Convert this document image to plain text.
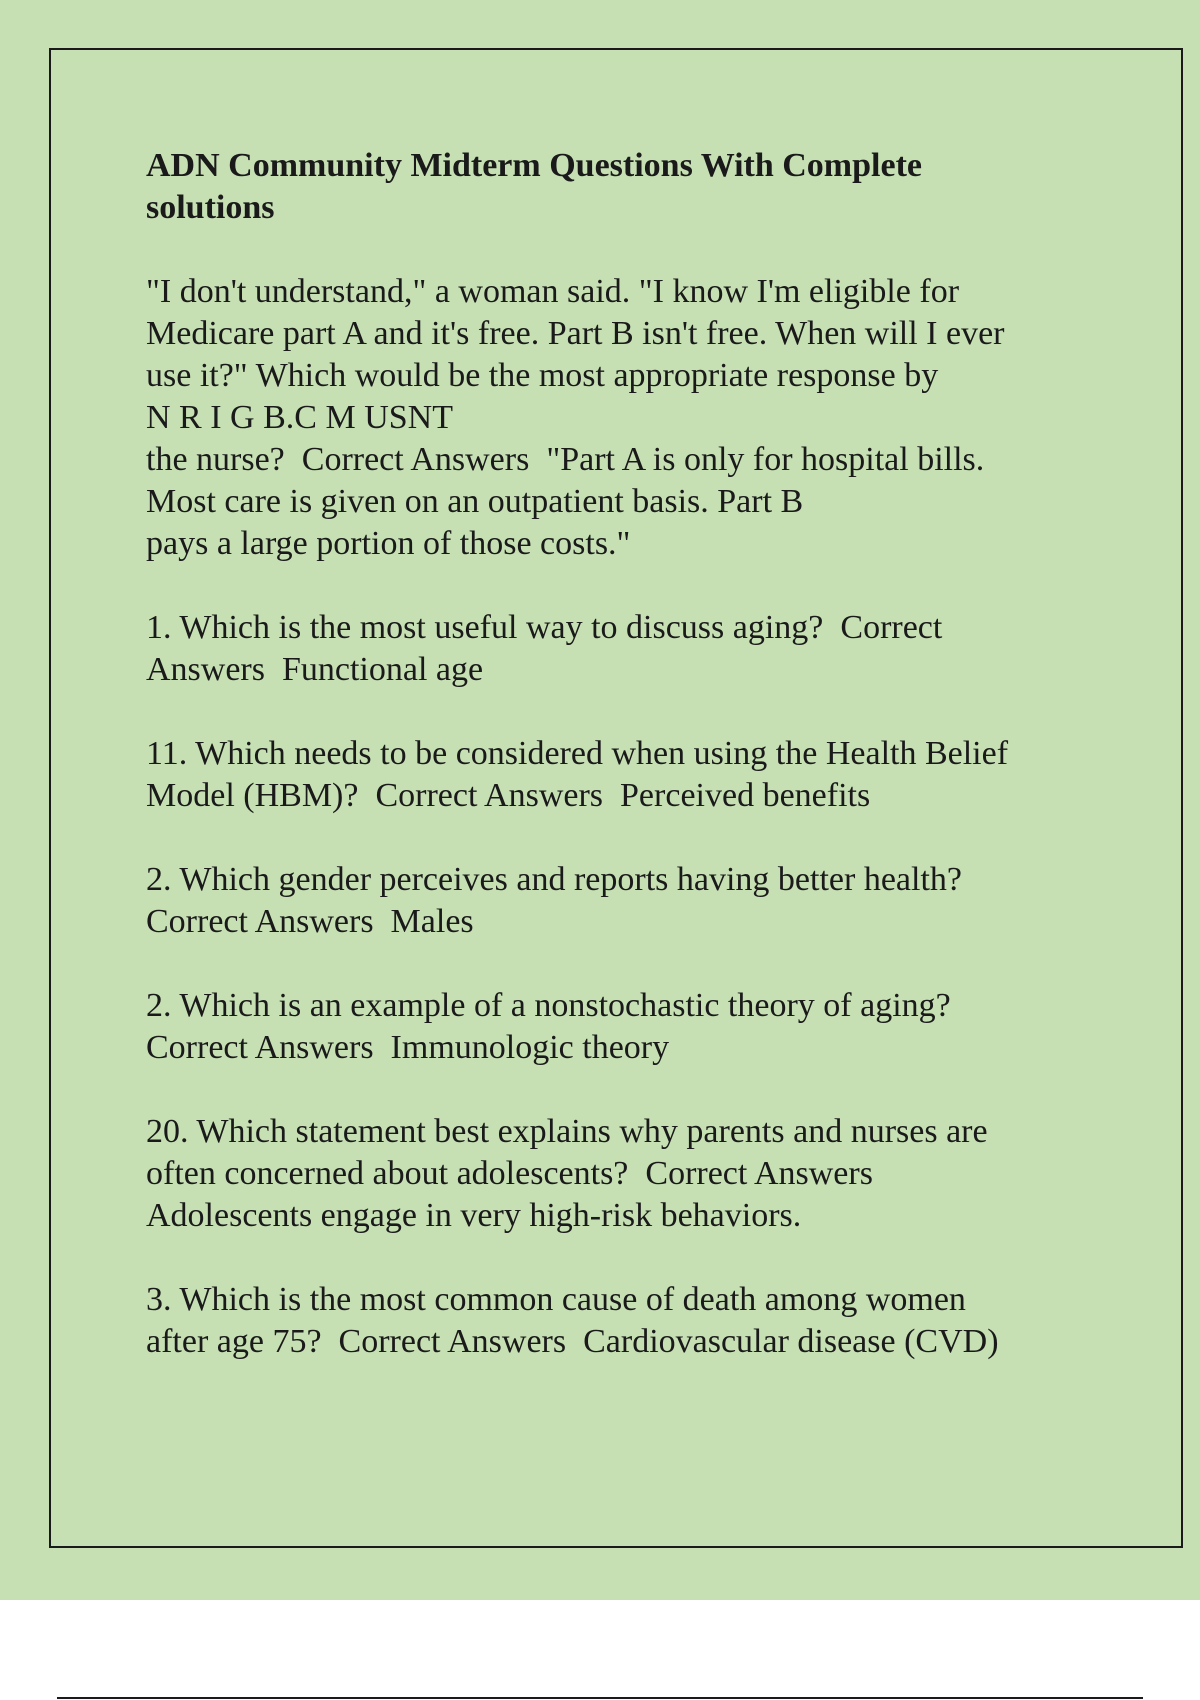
ADN Community Midterm Questions With Complete
solutions
"I don't understand," a woman said. "I know I'm eligible for
Medicare part A and it's free. Part B isn't free. When will I ever
use it?" Which would be the most appropriate response by
N R I G B.C M USNT
the nurse?  Correct Answers  "Part A is only for hospital bills.
Most care is given on an outpatient basis. Part B
pays a large portion of those costs."
1. Which is the most useful way to discuss aging?  Correct
Answers  Functional age
11. Which needs to be considered when using the Health Belief
Model (HBM)?  Correct Answers  Perceived benefits
2. Which gender perceives and reports having better health?
Correct Answers  Males
2. Which is an example of a nonstochastic theory of aging?
Correct Answers  Immunologic theory
20. Which statement best explains why parents and nurses are
often concerned about adolescents?  Correct Answers
Adolescents engage in very high-risk behaviors.
3. Which is the most common cause of death among women
after age 75?  Correct Answers  Cardiovascular disease (CVD)
